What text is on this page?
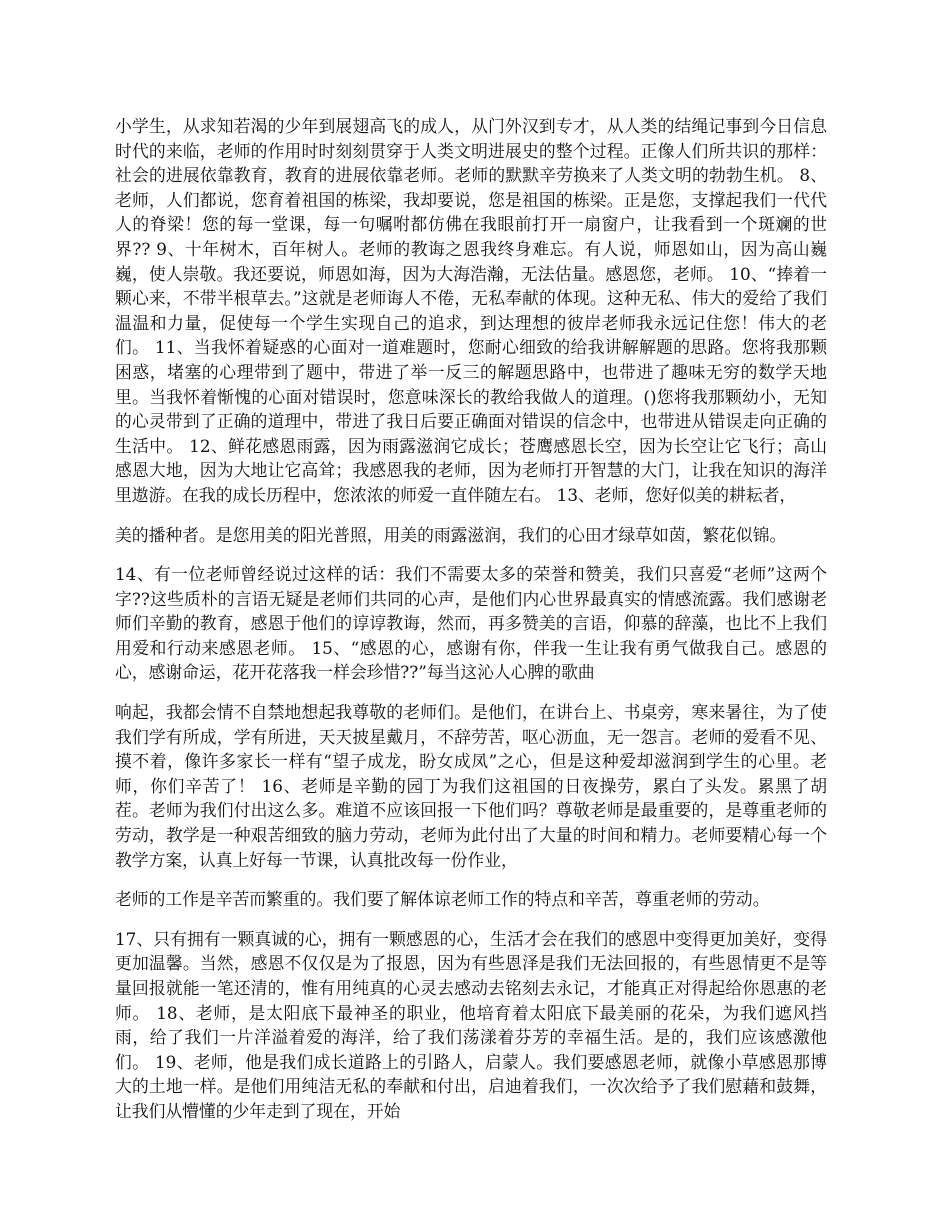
小学生，从求知若渴的少年到展翅高飞的成人，从门外汉到专才，从人类的结绳记事到今日信息时代的来临，老师的作用时时刻刻贯穿于人类文明进展史的整个过程。正像人们所共识的那样：社会的进展依靠教育，教育的进展依靠老师。老师的默默辛劳换来了人类文明的勃勃生机。 8、老师，人们都说，您育着祖国的栋梁，我却要说，您是祖国的栋梁。正是您，支撑起我们一代代人的脊梁！您的每一堂课，每一句嘱咐都仿佛在我眼前打开一扇窗户，让我看到一个斑斓的世界?? 9、十年树木，百年树人。老师的教诲之恩我终身难忘。有人说，师恩如山，因为高山巍巍，使人崇敬。我还要说，师恩如海，因为大海浩瀚，无法估量。感恩您，老师。 10、“捧着一颗心来，不带半根草去。”这就是老师诲人不倦，无私奉献的体现。这种无私、伟大的爱给了我们温温和力量，促使每一个学生实现自己的追求，到达理想的彼岸老师我永远记住您！伟大的老们。 11、当我怀着疑惑的心面对一道难题时，您耐心细致的给我讲解解题的思路。您将我那颗困惑，堵塞的心理带到了题中，带进了举一反三的解题思路中，也带进了趣味无穷的数学天地里。当我怀着惭愧的心面对错误时，您意味深长的教给我做人的道理。()您将我那颗幼小，无知的心灵带到了正确的道理中，带进了我日后要正确面对错误的信念中，也带进从错误走向正确的生活中。 12、鲜花感恩雨露，因为雨露滋润它成长；苍鹰感恩长空，因为长空让它飞行；高山感恩大地，因为大地让它高耸；我感恩我的老师，因为老师打开智慧的大门，让我在知识的海洋里遨游。在我的成长历程中，您浓浓的师爱一直伴随左右。 13、老师，您好似美的耕耘者，

美的播种者。是您用美的阳光普照，用美的雨露滋润，我们的心田才绿草如茵，繁花似锦。

14、有一位老师曾经说过这样的话：我们不需要太多的荣誉和赞美，我们只喜爱“老师”这两个字??这些质朴的言语无疑是老师们共同的心声，是他们内心世界最真实的情感流露。我们感谢老师们辛勤的教育，感恩于他们的谆谆教诲，然而，再多赞美的言语，仰慕的辞藻，也比不上我们用爱和行动来感恩老师。 15、“感恩的心，感谢有你，伴我一生让我有勇气做我自己。感恩的心，感谢命运，花开花落我一样会珍惜??”每当这沁人心脾的歌曲

响起，我都会情不自禁地想起我尊敬的老师们。是他们，在讲台上、书桌旁，寒来暑往，为了使我们学有所成，学有所进，天天披星戴月，不辞劳苦，呕心沥血，无一怨言。老师的爱看不见、摸不着，像许多家长一样有“望子成龙，盼女成凤”之心，但是这种爱却滋润到学生的心里。老师，你们辛苦了！ 16、老师是辛勤的园丁为我们这祖国的日夜操劳，累白了头发。累黑了胡茬。老师为我们付出这么多。难道不应该回报一下他们吗？尊敬老师是最重要的，是尊重老师的劳动，教学是一种艰苦细致的脑力劳动，老师为此付出了大量的时间和精力。老师要精心每一个教学方案，认真上好每一节课，认真批改每一份作业，

老师的工作是辛苦而繁重的。我们要了解体谅老师工作的特点和辛苦，尊重老师的劳动。

17、只有拥有一颗真诚的心，拥有一颗感恩的心，生活才会在我们的感恩中变得更加美好，变得更加温馨。当然，感恩不仅仅是为了报恩，因为有些恩泽是我们无法回报的，有些恩情更不是等量回报就能一笔还清的，惟有用纯真的心灵去感动去铭刻去永记，才能真正对得起给你恩惠的老师。 18、老师，是太阳底下最神圣的职业，他培育着太阳底下最美丽的花朵，为我们遮风挡雨，给了我们一片洋溢着爱的海洋，给了我们荡漾着芬芳的幸福生活。是的，我们应该感激他们。 19、老师，他是我们成长道路上的引路人，启蒙人。我们要感恩老师，就像小草感恩那博大的土地一样。是他们用纯洁无私的奉献和付出，启迪着我们，一次次给予了我们慰藉和鼓舞，让我们从懵懂的少年走到了现在，开始
